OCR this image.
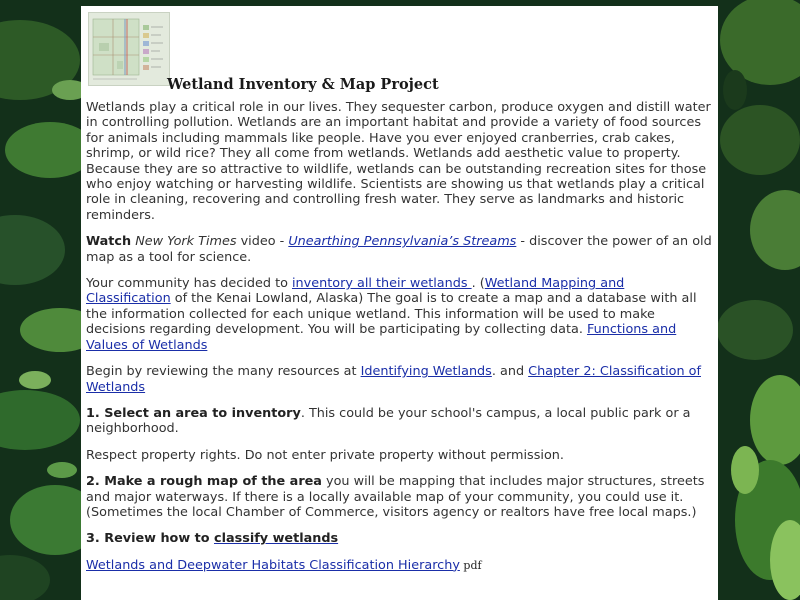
Wetland Inventory & Map Project

Wetlands play a critical role in our lives. They sequester carbon, produce oxygen and distill water in controlling pollution. Wetlands are an important habitat and provide a variety of food sources for animals including mammals like people. Have you ever enjoyed cranberries, crab cakes, shrimp, or wild rice? They all come from wetlands. Wetlands add aesthetic value to property. Because they are so attractive to wildlife, wetlands can be outstanding recreation sites for those who enjoy watching or harvesting wildlife. Scientists are showing us that wetlands play a critical role in cleaning, recovering and controlling fresh water. They serve as landmarks and historic reminders.

Watch New York Times video - Unearthing Pennsylvania’s Streams - discover the power of an old map as a tool for science.

Your community has decided to inventory all their wetlands . (Wetland Mapping and Classification of the Kenai Lowland, Alaska) The goal is to create a map and a database with all the information collected for each unique wetland. This information will be used to make decisions regarding development. You will be participating by collecting data. Functions and Values of Wetlands

Begin by reviewing the many resources at Identifying Wetlands. and Chapter 2: Classification of Wetlands

1. Select an area to inventory. This could be your school's campus, a local public park or a neighborhood.

Respect property rights. Do not enter private property without permission.

2. Make a rough map of the area you will be mapping that includes major structures, streets and major waterways. If there is a locally available map of your community, you could use it. (Sometimes the local Chamber of Commerce, visitors agency or realtors have free local maps.)

3. Review how to classify wetlands

Wetlands and Deepwater Habitats Classification Hierarchy pdf
